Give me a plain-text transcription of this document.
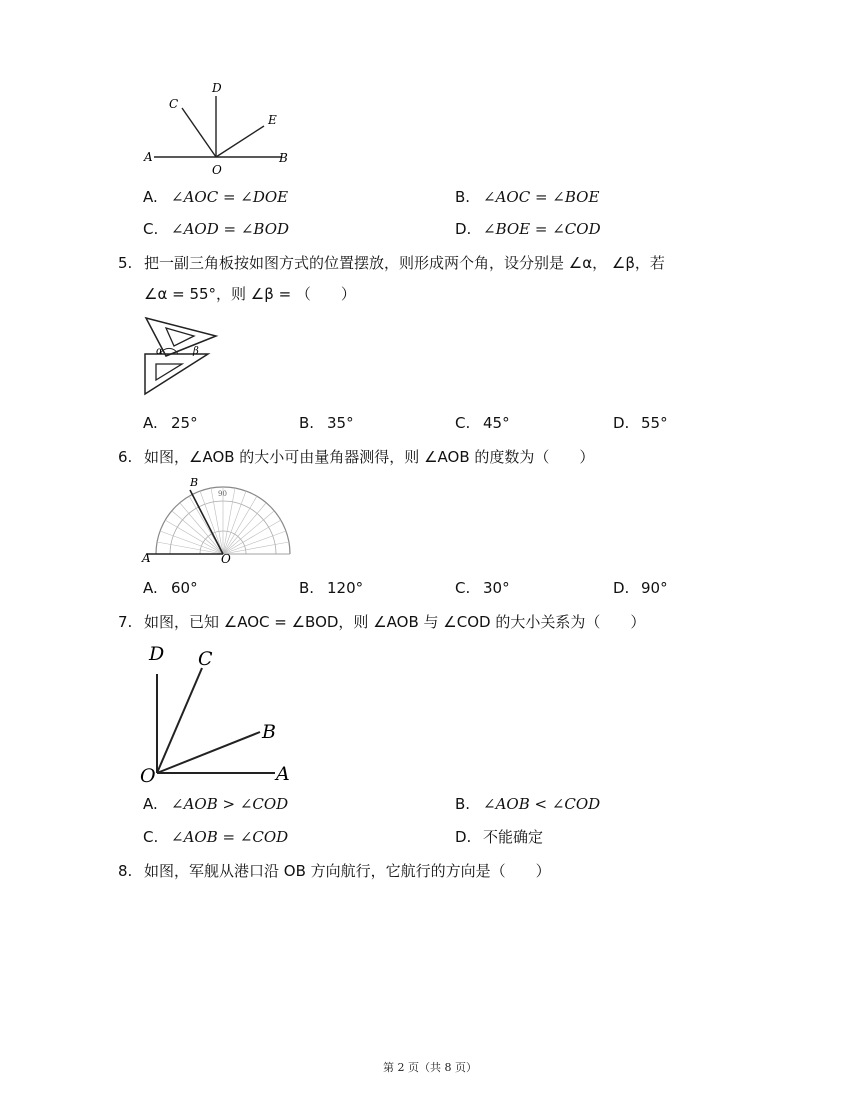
A	B
C
D
E
O
A. ∠AOC = ∠DOE	B. ∠AOC = ∠BOE
C. ∠AOD = ∠BOD	D. ∠BOE = ∠COD
5. 把一副三角板按如图方式的位置摆放，则形成两个角，设分别是 ∠α， ∠β，若
∠α = 55°，则 ∠β = （　　）
α	β
A. 25°	B. 35°	C. 45°	D. 55°
6. 如图，∠AOB 的大小可由量角器测得，则 ∠AOB 的度数为（　　）
90
A
B
O
A. 60°	B. 120°	C. 30°	D. 90°
7. 如图，已知 ∠AOC = ∠BOD，则 ∠AOB 与 ∠COD 的大小关系为（　　）
A
B
C
D
O
A. ∠AOB > ∠COD	B. ∠AOB < ∠COD
C. ∠AOB = ∠COD	D. 不能确定
8. 如图，军舰从港口沿 OB 方向航行，它航行的方向是（　　）
第 2 页（共 8 页）
